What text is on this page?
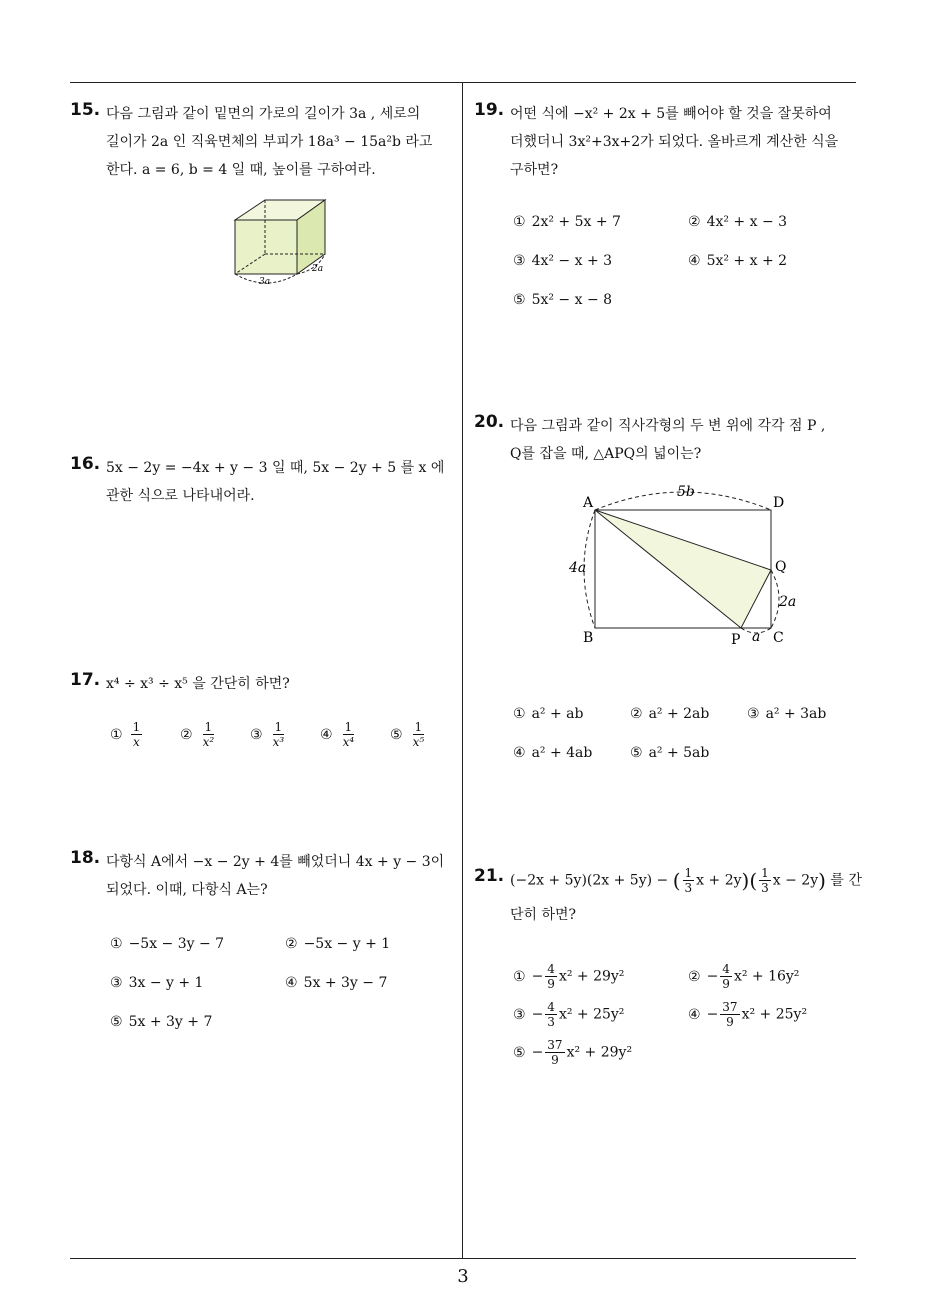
15. 다음 그림과 같이 밑면의 가로의 길이가 3a , 세로의
길이가 2a 인 직육면체의 부피가 18a³ − 15a²b 라고
한다. a = 6, b = 4 일 때, 높이를 구하여라.
3a
2a
16. 5x − 2y = −4x + y − 3 일 때, 5x − 2y + 5 를 x 에
관한 식으로 나타내어라.
17. x⁴ ÷ x³ ÷ x⁵ 을 간단히 하면?
① $\frac{1}{x}$	② $\frac{1}{\text{x²}}$ ③ $\frac{1}{\text{x³}}$ ④ $\frac{1}{\text{x⁴}}$ ⑤ $\frac{1}{\text{x⁵}}$
18. 다항식 A에서 −x − 2y + 4를 빼었더니 4x + y − 3이
되었다. 이때, 다항식 A는?
① −5x − 3y − 7	② −5x − y + 1
③ 3x − y + 1	④ 5x + 3y − 7
⑤ 5x + 3y + 7
19. 어떤 식에 −x² + 2x + 5를 빼어야 할 것을 잘못하여
더했더니 3x²+3x+2가 되었다. 올바르게 계산한 식을
구하면?
① 2x² + 5x + 7	② 4x² + x − 3
③ 4x² − x + 3	④ 5x² + x + 2
⑤ 5x² − x − 8
20. 다음 그림과 같이 직사각형의 두 변 위에 각각 점 P ,
Q를 잡을 때, △APQ의 넓이는?
A	D
Q
B	P C
5b
4a
2a
a
① a² + ab	② a² + 2ab	③ a² + 3ab
④ a² + 4ab	⑤ a² + 5ab
21. (−2x + 5y)(2x + 5y) − ( $\frac{1}{3}$ $x + 2y)( \frac{1}{3}$ x − 2y) 를 간
단히 하면?
① − $\frac{4}{9} x^2 + 29y^2$	② − $\frac{4}{9} x^2 + 16y^2$
③ − $\frac{4}{3} x^2 + 25y^2$	④ − $\frac{37}{9} x^2 + 25y^2$
⑤ − $\frac{37}{9} x^2 + 29y^2$
3
